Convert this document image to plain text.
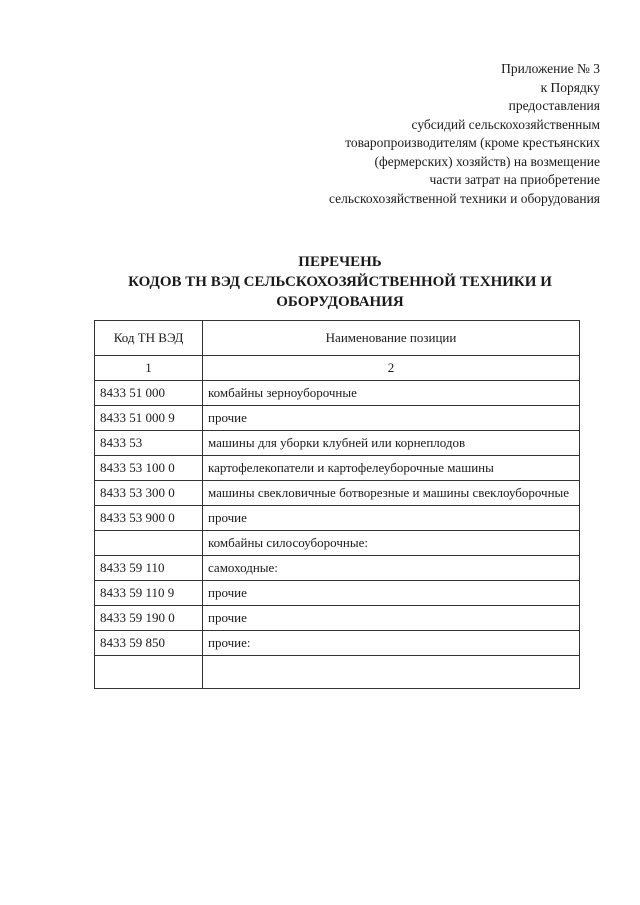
Приложение № 3
к Порядку
предоставления
субсидий сельскохозяйственным
товаропроизводителям (кроме крестьянских
(фермерских) хозяйств) на возмещение
части затрат на приобретение
сельскохозяйственной техники и оборудования
ПЕРЕЧЕНЬ
КОДОВ ТН ВЭД СЕЛЬСКОХОЗЯЙСТВЕННОЙ ТЕХНИКИ И
ОБОРУДОВАНИЯ
Код ТН ВЭД	Наименование позиции
1	2
8433 51 000	комбайны зерноуборочные
8433 51 000 9	прочие
8433 53	машины для уборки клубней или корнеплодов
8433 53 100 0	картофелекопатели и картофелеуборочные машины
8433 53 300 0	машины свекловичные ботворезные и машины свеклоуборочные
8433 53 900 0	прочие
	комбайны силосоуборочные:
8433 59 110	самоходные:
8433 59 110 9	прочие
8433 59 190 0	прочие
8433 59 850	прочие:
